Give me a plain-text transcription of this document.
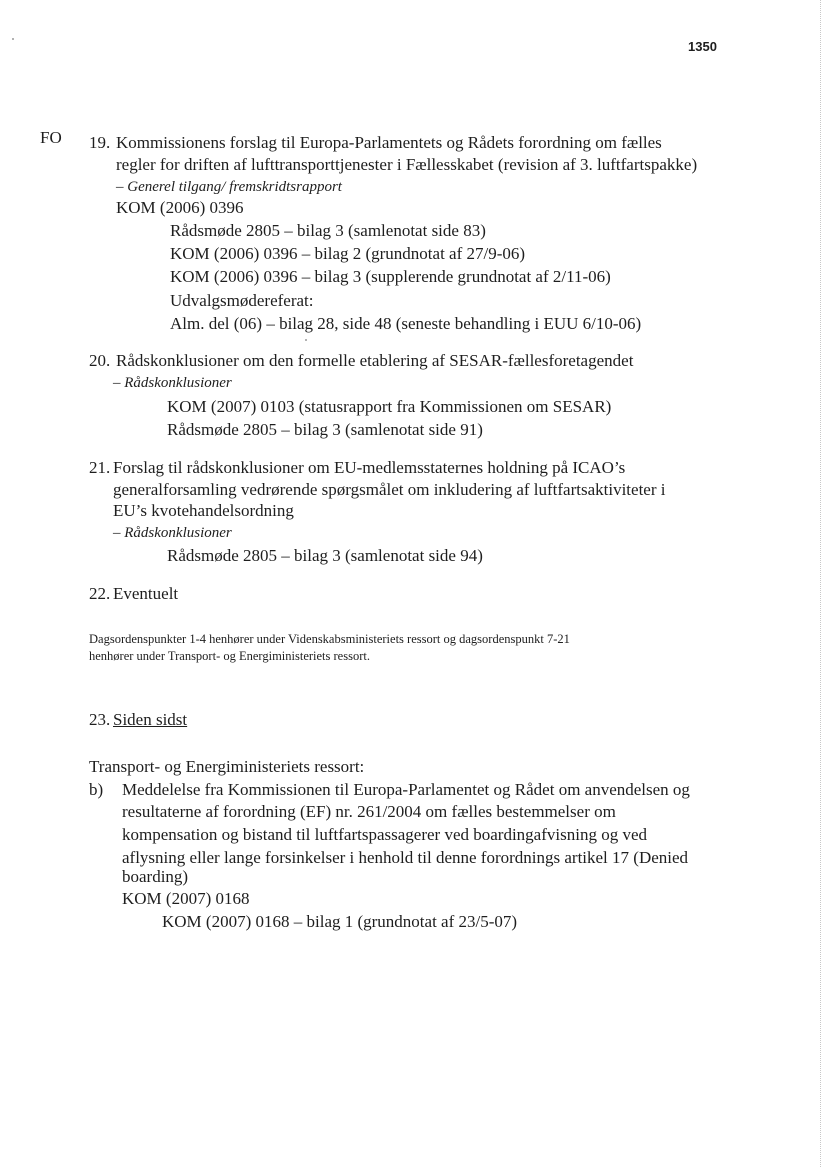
1350
FO 19. Kommissionens forslag til Europa-Parlamentets og Rådets forordning om fælles
regler for driften af lufttransporttjenester i Fællesskabet (revision af 3. luftfartspakke)
– Generel tilgang/ fremskridtsrapport
KOM (2006) 0396
Rådsmøde 2805 – bilag 3 (samlenotat side 83)
KOM (2006) 0396 – bilag 2 (grundnotat af 27/9-06)
KOM (2006) 0396 – bilag 3 (supplerende grundnotat af 2/11-06)
Udvalgsmødereferat:
Alm. del (06) – bilag 28, side 48 (seneste behandling i EUU 6/10-06)
20. Rådskonklusioner om den formelle etablering af SESAR-fællesforetagendet
– Rådskonklusioner
KOM (2007) 0103 (statusrapport fra Kommissionen om SESAR)
Rådsmøde 2805 – bilag 3 (samlenotat side 91)
21. Forslag til rådskonklusioner om EU-medlemsstaternes holdning på ICAO’s
generalforsamling vedrørende spørgsmålet om inkludering af luftfartsaktiviteter i
EU’s kvotehandelsordning
– Rådskonklusioner
Rådsmøde 2805 – bilag 3 (samlenotat side 94)
22. Eventuelt
Dagsordenspunkter 1-4 henhører under Videnskabsministeriets ressort og dagsordenspunkt 7-21
henhører under Transport- og Energiministeriets ressort.
23. Siden sidst
Transport- og Energiministeriets ressort:
b) Meddelelse fra Kommissionen til Europa-Parlamentet og Rådet om anvendelsen og
resultaterne af forordning (EF) nr. 261/2004 om fælles bestemmelser om
kompensation og bistand til luftfartspassagerer ved boardingafvisning og ved
aflysning eller lange forsinkelser i henhold til denne forordnings artikel 17 (Denied
boarding)
KOM (2007) 0168
KOM (2007) 0168 – bilag 1 (grundnotat af 23/5-07)
